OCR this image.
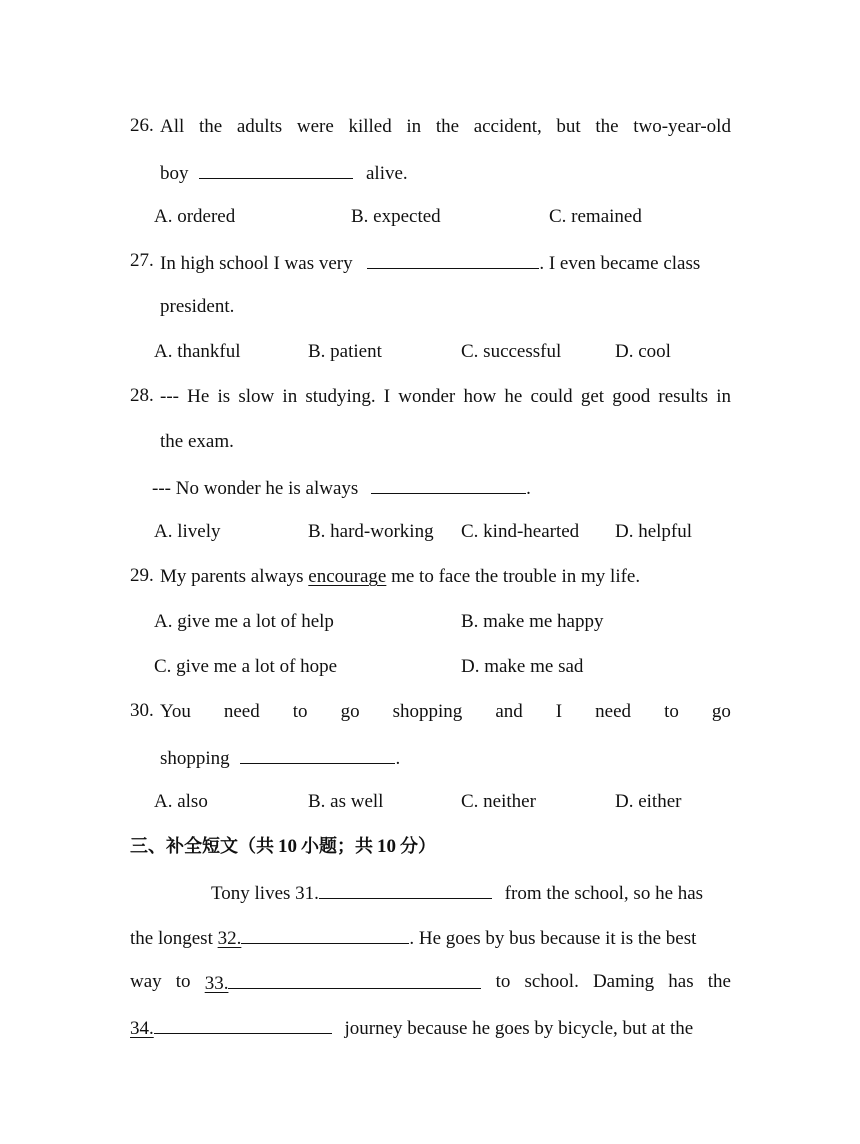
26. All the adults were killed in the accident, but the two-year-old
boy	alive.
A. ordered	B. expected	C. remained
27. In high school I was very	. I even became class
president.
A. thankful	B. patient	C. successful	D. cool
28. --- He is slow in studying. I wonder how he could get good results in
the exam.
--- No wonder he is always	.
A. lively	B. hard-working C. kind-hearted D. helpful
29. My parents always encourage me to face the trouble in my life.
A. give me a lot of help	B. make me happy
C. give me a lot of hope	D. make me sad
30. You need to go shopping and I need to go
shopping	.
A. also	B. as well	C. neither	D. either
三、补全短文（共 10 小题；共 10 分）
Tony lives 31.	from the school, so he has
the longest 32.	. He goes by bus because it is the best
way to 33.	to school. Daming has the
34.	journey because he goes by bicycle, but at the
